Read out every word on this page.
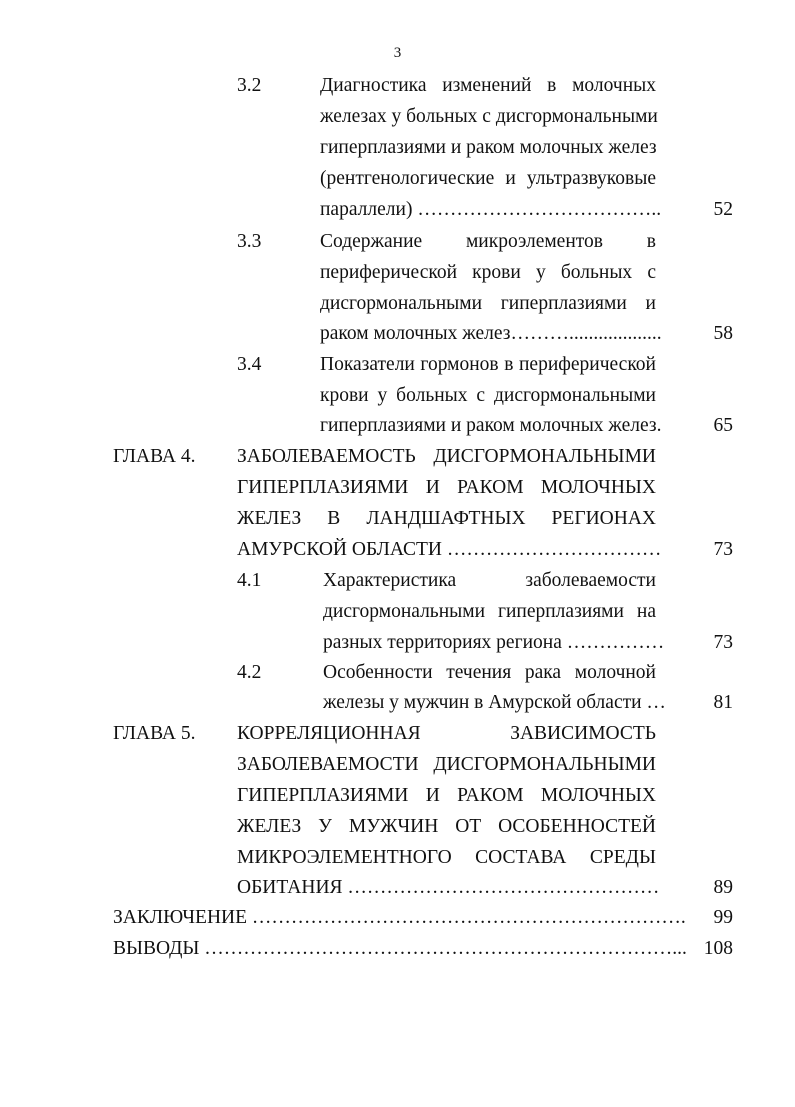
3
3.2	Диагностика изменений в молочных
железах у больных с дисгормональными
гиперплазиями и раком молочных желез
(рентгенологические и ультразвуковые
параллели) ………………………………..	52
3.3	Содержание микроэлементов в
периферической крови у больных с
дисгормональными гиперплазиями и
раком молочных желез………...................	58
3.4	Показатели гормонов в периферической
крови у больных с дисгормональными
гиперплазиями и раком молочных желез.	65
ГЛАВА 4. ЗАБОЛЕВАЕМОСТЬ ДИСГОРМОНАЛЬНЫМИ
ГИПЕРПЛАЗИЯМИ И РАКОМ МОЛОЧНЫХ
ЖЕЛЕЗ В ЛАНДШАФТНЫХ РЕГИОНАХ
АМУРСКОЙ ОБЛАСТИ ……………………………	73
4.1	Характеристика заболеваемости
дисгормональными гиперплазиями на
разных территориях региона ……………	73
4.2	Особенности течения рака молочной
железы у мужчин в Амурской области … 81
ГЛАВА 5. КОРРЕЛЯЦИОННАЯ ЗАВИСИМОСТЬ
ЗАБОЛЕВАЕМОСТИ ДИСГОРМОНАЛЬНЫМИ
ГИПЕРПЛАЗИЯМИ И РАКОМ МОЛОЧНЫХ
ЖЕЛЕЗ У МУЖЧИН ОТ ОСОБЕННОСТЕЙ
МИКРОЭЛЕМЕНТНОГО СОСТАВА СРЕДЫ
ОБИТАНИЯ …………………………………………	89
ЗАКЛЮЧЕНИЕ …………………………………………………………. 99
ВЫВОДЫ ………………………………………………………………... 108
